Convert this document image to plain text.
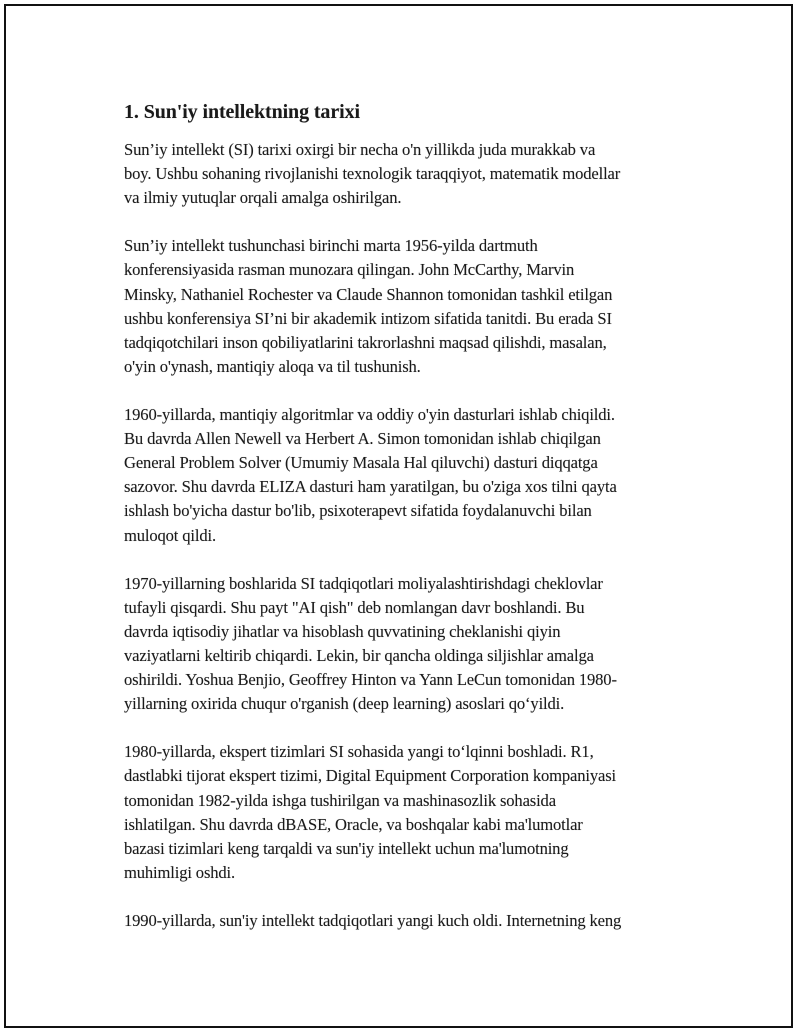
1. Sun'iy intellektning tarixi
Sun’iy intellekt (SI) tarixi oxirgi bir necha o'n yillikda juda murakkab va
boy. Ushbu sohaning rivojlanishi texnologik taraqqiyot, matematik modellar
va ilmiy yutuqlar orqali amalga oshirilgan.
Sun’iy intellekt tushunchasi birinchi marta 1956-yilda dartmuth
konferensiyasida rasman munozara qilingan. John McCarthy, Marvin
Minsky, Nathaniel Rochester va Claude Shannon tomonidan tashkil etilgan
ushbu konferensiya SI’ni bir akademik intizom sifatida tanitdi. Bu erada SI
tadqiqotchilari inson qobiliyatlarini takrorlashni maqsad qilishdi, masalan,
o'yin o'ynash, mantiqiy aloqa va til tushunish.
1960-yillarda, mantiqiy algoritmlar va oddiy o'yin dasturlari ishlab chiqildi.
Bu davrda Allen Newell va Herbert A. Simon tomonidan ishlab chiqilgan
General Problem Solver (Umumiy Masala Hal qiluvchi) dasturi diqqatga
sazovor. Shu davrda ELIZA dasturi ham yaratilgan, bu o'ziga xos tilni qayta
ishlash bo'yicha dastur bo'lib, psixoterapevt sifatida foydalanuvchi bilan
muloqot qildi.
1970-yillarning boshlarida SI tadqiqotlari moliyalashtirishdagi cheklovlar
tufayli qisqardi. Shu payt "AI qish" deb nomlangan davr boshlandi. Bu
davrda iqtisodiy jihatlar va hisoblash quvvatining cheklanishi qiyin
vaziyatlarni keltirib chiqardi. Lekin, bir qancha oldinga siljishlar amalga
oshirildi. Yoshua Benjio, Geoffrey Hinton va Yann LeCun tomonidan 1980-
yillarning oxirida chuqur o'rganish (deep learning) asoslari qo‘yildi.
1980-yillarda, ekspert tizimlari SI sohasida yangi to‘lqinni boshladi. R1,
dastlabki tijorat ekspert tizimi, Digital Equipment Corporation kompaniyasi
tomonidan 1982-yilda ishga tushirilgan va mashinasozlik sohasida
ishlatilgan. Shu davrda dBASE, Oracle, va boshqalar kabi ma'lumotlar
bazasi tizimlari keng tarqaldi va sun'iy intellekt uchun ma'lumotning
muhimligi oshdi.
1990-yillarda, sun'iy intellekt tadqiqotlari yangi kuch oldi. Internetning keng
